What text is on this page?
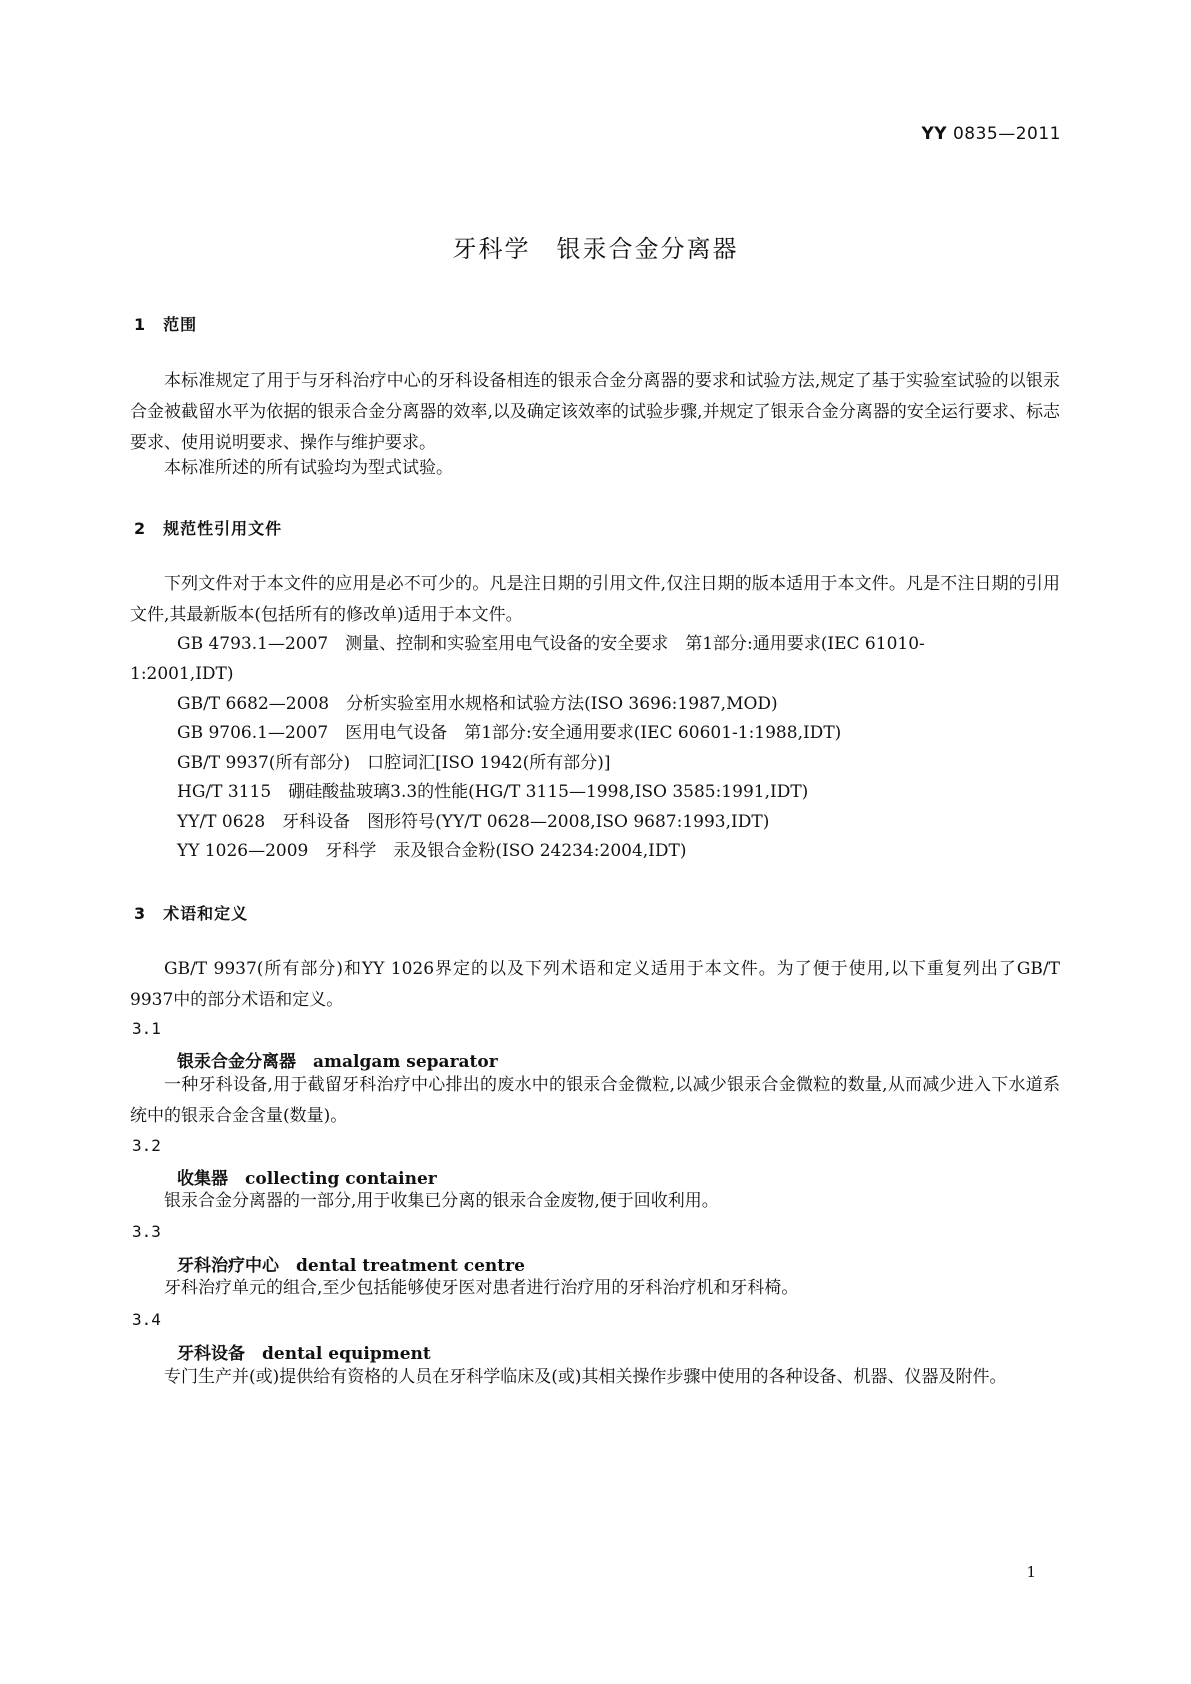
YY 0835—2011
牙科学　银汞合金分离器
1　 范围

本标准规定了用于与牙科治疗中心的牙科设备相连的银汞合金分离器的要求和试验方法,规定了基于实验室试验的以银汞合金被截留水平为依据的银汞合金分离器的效率,以及确定该效率的试验步骤,并规定了银汞合金分离器的安全运行要求、标志要求、使用说明要求、操作与维护要求。

本标准所述的所有试验均为型式试验。

2　 规范性引用文件

下列文件对于本文件的应用是必不可少的。凡是注日期的引用文件,仅注日期的版本适用于本文件。凡是不注日期的引用文件,其最新版本(包括所有的修改单)适用于本文件。

GB 4793.1—2007　测量、控制和实验室用电气设备的安全要求　第1部分:通用要求(IEC 61010-
1:2001,IDT)
GB/T 6682—2008　分析实验室用水规格和试验方法(ISO 3696:1987,MOD)
GB 9706.1—2007　医用电气设备　第1部分:安全通用要求(IEC 60601-1:1988,IDT)
GB/T 9937(所有部分)　口腔词汇[ISO 1942(所有部分)]
HG/T 3115　硼硅酸盐玻璃3.3的性能(HG/T 3115—1998,ISO 3585:1991,IDT)
YY/T 0628　牙科设备　图形符号(YY/T 0628—2008,ISO 9687:1993,IDT)
YY 1026—2009　牙科学　汞及银合金粉(ISO 24234:2004,IDT)
3　 术语和定义

GB/T 9937(所有部分)和YY 1026界定的以及下列术语和定义适用于本文件。为了便于使用,以下重复列出了GB/T 9937中的部分术语和定义。

3.1
银汞合金分离器　 amalgam separator

一种牙科设备,用于截留牙科治疗中心排出的废水中的银汞合金微粒,以减少银汞合金微粒的数量,从而减少进入下水道系统中的银汞合金含量(数量)。

3.2
收集器　 collecting container

银汞合金分离器的一部分,用于收集已分离的银汞合金废物,便于回收利用。

3.3
牙科治疗中心　 dental treatment centre

牙科治疗单元的组合,至少包括能够使牙医对患者进行治疗用的牙科治疗机和牙科椅。

3.4
牙科设备　 dental equipment

专门生产并(或)提供给有资格的人员在牙科学临床及(或)其相关操作步骤中使用的各种设备、机器、仪器及附件。

1
